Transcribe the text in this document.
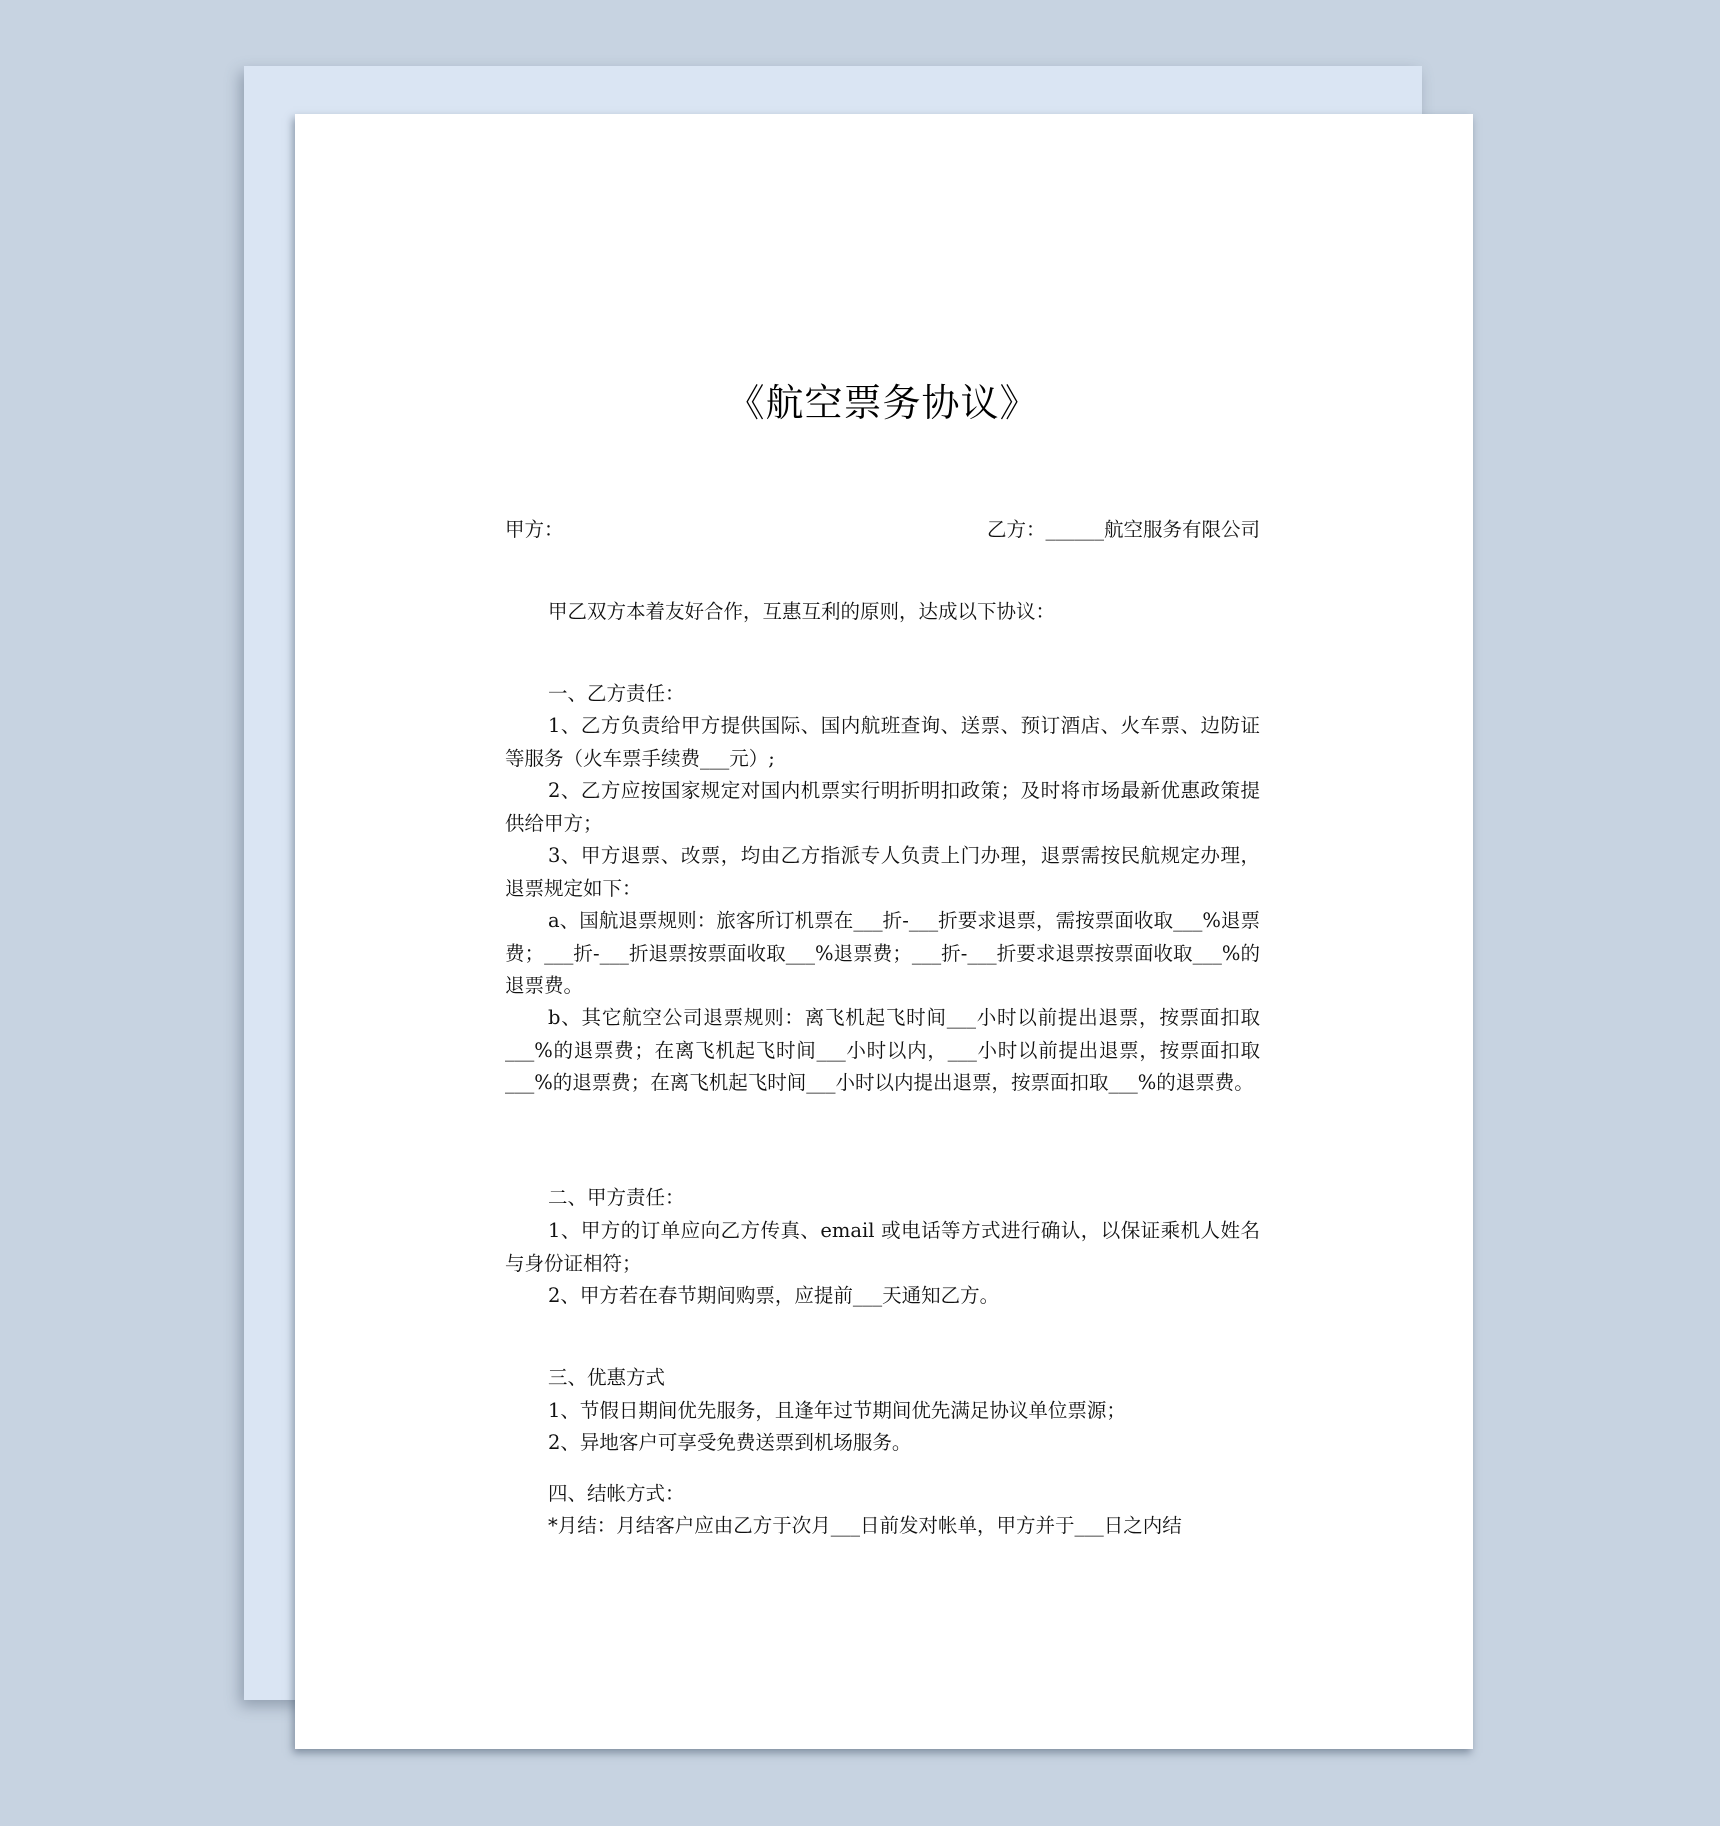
《航空票务协议》
甲方：	乙方：______航空服务有限公司
甲乙双方本着友好合作，互惠互利的原则，达成以下协议：
一、乙方责任：
1、乙方负责给甲方提供国际、国内航班查询、送票、预订酒店、火车票、边防证等服务（火车票手续费___元）;
2、乙方应按国家规定对国内机票实行明折明扣政策；及时将市场最新优惠政策提供给甲方；
3、甲方退票、改票，均由乙方指派专人负责上门办理，退票需按民航规定办理，退票规定如下：
a、国航退票规则：旅客所订机票在___折-___折要求退票，需按票面收取___%退票费；___折-___折退票按票面收取___%退票费；___折-___折要求退票按票面收取___%的退票费。
b、其它航空公司退票规则：离飞机起飞时间___小时以前提出退票，按票面扣取___%的退票费；在离飞机起飞时间___小时以内，___小时以前提出退票，按票面扣取___%的退票费；在离飞机起飞时间___小时以内提出退票，按票面扣取___%的退票费。
二、甲方责任：
1、甲方的订单应向乙方传真、email 或电话等方式进行确认，以保证乘机人姓名与身份证相符；
2、甲方若在春节期间购票，应提前___天通知乙方。
三、优惠方式
1、节假日期间优先服务，且逢年过节期间优先满足协议单位票源；
2、异地客户可享受免费送票到机场服务。
四、结帐方式：
*月结：月结客户应由乙方于次月___日前发对帐单，甲方并于___日之内结
